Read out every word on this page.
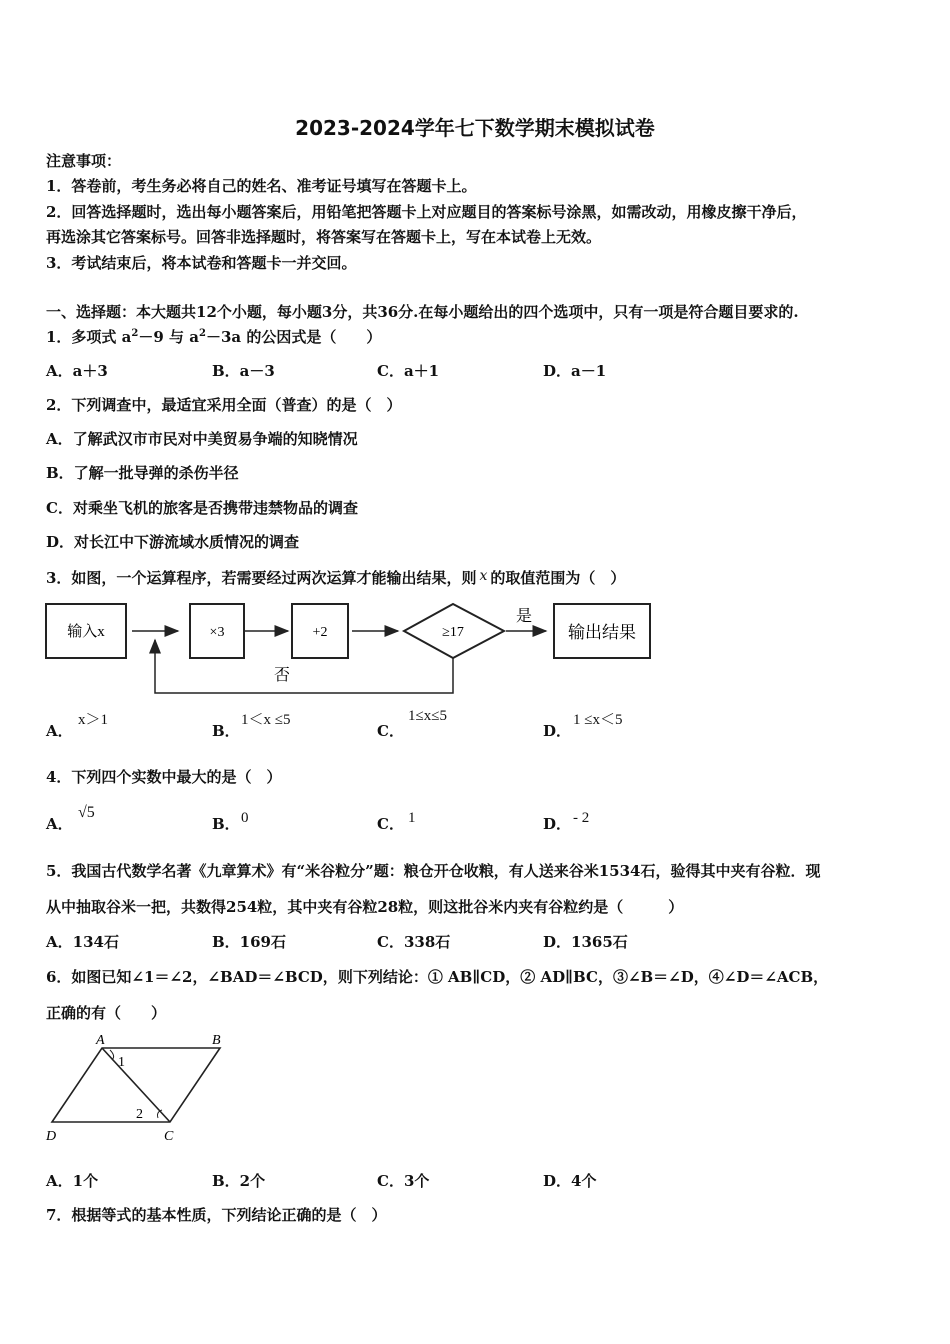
2023-2024学年七下数学期末模拟试卷
注意事项：
1．答卷前，考生务必将自己的姓名、准考证号填写在答题卡上。
2．回答选择题时，选出每小题答案后，用铅笔把答题卡上对应题目的答案标号涂黑，如需改动，用橡皮擦干净后，
再选涂其它答案标号。回答非选择题时，将答案写在答题卡上，写在本试卷上无效。
3．考试结束后，将本试卷和答题卡一并交回。
一、选择题：本大题共12个小题，每小题3分，共36分.在每小题给出的四个选项中，只有一项是符合题目要求的.
1．多项式 $a^2-9$ 与 $a^2-3a$ 的公因式是（　　）
A．a＋3	B．a－3	C．a＋1	D．a－1
2．下列调查中，最适宜采用全面（普查）的是（　）
A．了解武汉市市民对中美贸易争端的知晓情况
B．了解一批导弹的杀伤半径
C．对乘坐飞机的旅客是否携带违禁物品的调查
D．对长江中下游流域水质情况的调查
3．如图，一个运算程序，若需要经过两次运算才能输出结果，则 x 的取值范围为（　）
输入x	×3	+2	≥17
是
输出结果
否
A．
x＞1
B．
1＜x ≤5
C．
1≤x≤5
D．
1 ≤x＜5
4．下列四个实数中最大的是（　）
A．
√5
B． 0	C． 1	D． - 2
5．我国古代数学名著《九章算术》有“米谷粒分”题：粮仓开仓收粮，有人送来谷米1534石，验得其中夹有谷粒．现
从中抽取谷米一把，共数得254粒，其中夹有谷粒28粒，则这批谷米内夹有谷粒约是（　　　）
A．134石	B．169石	C．338石	D．1365石
6．如图已知∠1＝∠2，∠BAD＝∠BCD，则下列结论：① AB∥CD，② AD∥BC，③∠B＝∠D，④∠D＝∠ACB，
正确的有（　　）
A	B
C
D
1
2
A．1个	B．2个	C．3个	D．4个
7．根据等式的基本性质，下列结论正确的是（　）
